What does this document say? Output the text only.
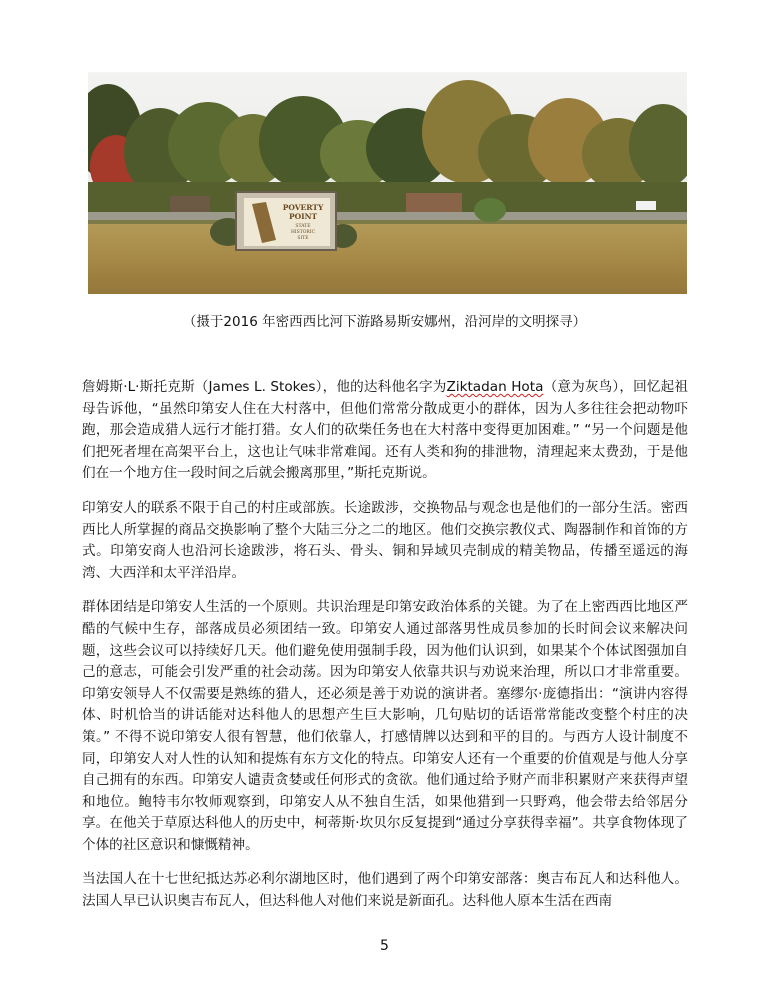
POVERTY
POINT
STATE
HISTORIC
SITE
（摄于2016 年密西西比河下游路易斯安娜州，沿河岸的文明探寻）

詹姆斯·L·斯托克斯（James L. Stokes），他的达科他名字为Ziktadan Hota（意为灰鸟），回忆起祖母告诉他，“虽然印第安人住在大村落中，但他们常常分散成更小的群体，因为人多往往会把动物吓跑，那会造成猎人远行才能打猎。女人们的砍柴任务也在大村落中变得更加困难。” “另一个问题是他们把死者埋在高架平台上，这也让气味非常难闻。还有人类和狗的排泄物，清理起来太费劲，于是他们在一个地方住一段时间之后就会搬离那里，”斯托克斯说。

印第安人的联系不限于自己的村庄或部族。长途跋涉，交换物品与观念也是他们的一部分生活。密西西比人所掌握的商品交换影响了整个大陆三分之二的地区。他们交换宗教仪式、陶器制作和首饰的方式。印第安商人也沿河长途跋涉，将石头、骨头、铜和异域贝壳制成的精美物品，传播至遥远的海湾、大西洋和太平洋沿岸。

群体团结是印第安人生活的一个原则。共识治理是印第安政治体系的关键。为了在上密西西比地区严酷的气候中生存，部落成员必须团结一致。印第安人通过部落男性成员参加的长时间会议来解决问题，这些会议可以持续好几天。他们避免使用强制手段，因为他们认识到，如果某个个体试图强加自己的意志，可能会引发严重的社会动荡。因为印第安人依靠共识与劝说来治理，所以口才非常重要。印第安领导人不仅需要是熟练的猎人，还必须是善于劝说的演讲者。塞缪尔·庞德指出：“演讲内容得体、时机恰当的讲话能对达科他人的思想产生巨大影响，几句贴切的话语常常能改变整个村庄的决策。” 不得不说印第安人很有智慧，他们依靠人，打感情牌以达到和平的目的。与西方人设计制度不同，印第安人对人性的认知和提炼有东方文化的特点。印第安人还有一个重要的价值观是与他人分享自己拥有的东西。印第安人谴责贪婪或任何形式的贪欲。他们通过给予财产而非积累财产来获得声望和地位。鲍特韦尔牧师观察到，印第安人从不独自生活，如果他猎到一只野鸡，他会带去给邻居分享。在他关于草原达科他人的历史中，柯蒂斯·坎贝尔反复提到“通过分享获得幸福”。共享食物体现了个体的社区意识和慷慨精神。

当法国人在十七世纪抵达苏必利尔湖地区时，他们遇到了两个印第安部落：奥吉布瓦人和达科他人。法国人早已认识奥吉布瓦人，但达科他人对他们来说是新面孔。达科他人原本生活在西南

5
